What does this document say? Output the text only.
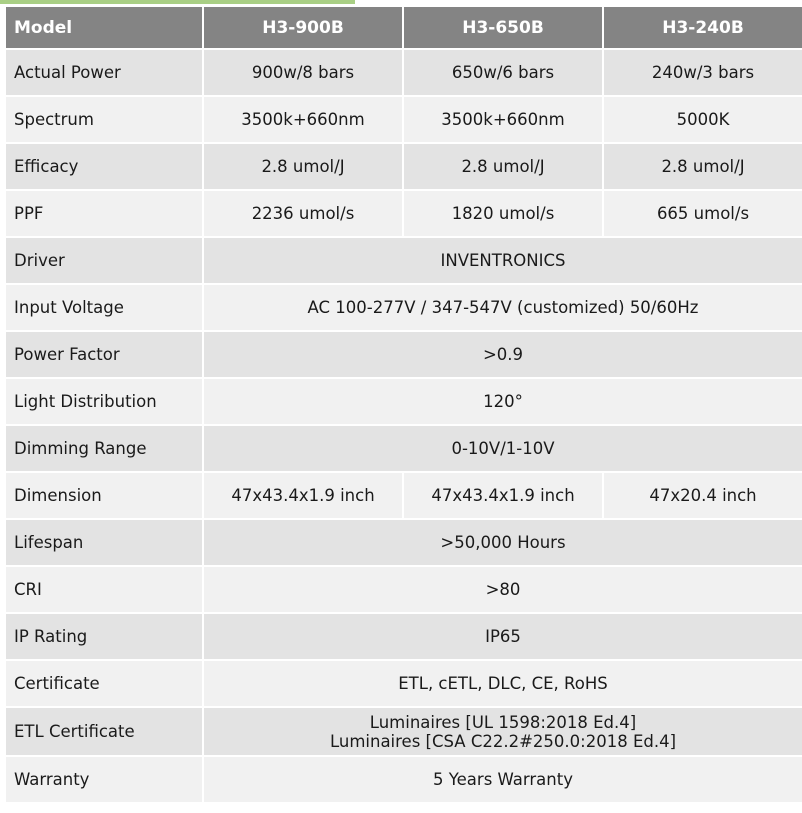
Model	H3-900B	H3-650B	H3-240B
Actual Power	900w/8 bars	650w/6 bars	240w/3 bars
Spectrum	3500k+660nm	3500k+660nm	5000K
Efficacy	2.8 umol/J	2.8 umol/J	2.8 umol/J
PPF	2236 umol/s	1820 umol/s	665 umol/s
Driver	INVENTRONICS		
Input Voltage	AC 100-277V / 347-547V (customized) 50/60Hz		
Power Factor	>0.9		
Light Distribution	120°		
Dimming Range	0-10V/1-10V		
Dimension	47x43.4x1.9 inch	47x43.4x1.9 inch	47x20.4 inch
Lifespan	>50,000 Hours		
CRI	>80		
IP Rating	IP65		
Certificate	ETL, cETL, DLC, CE, RoHS		
ETL Certificate	Luminaires [UL 1598:2018 Ed.4]
Luminaires [CSA C22.2#250.0:2018 Ed.4]		

Warranty	5 Years Warranty		
